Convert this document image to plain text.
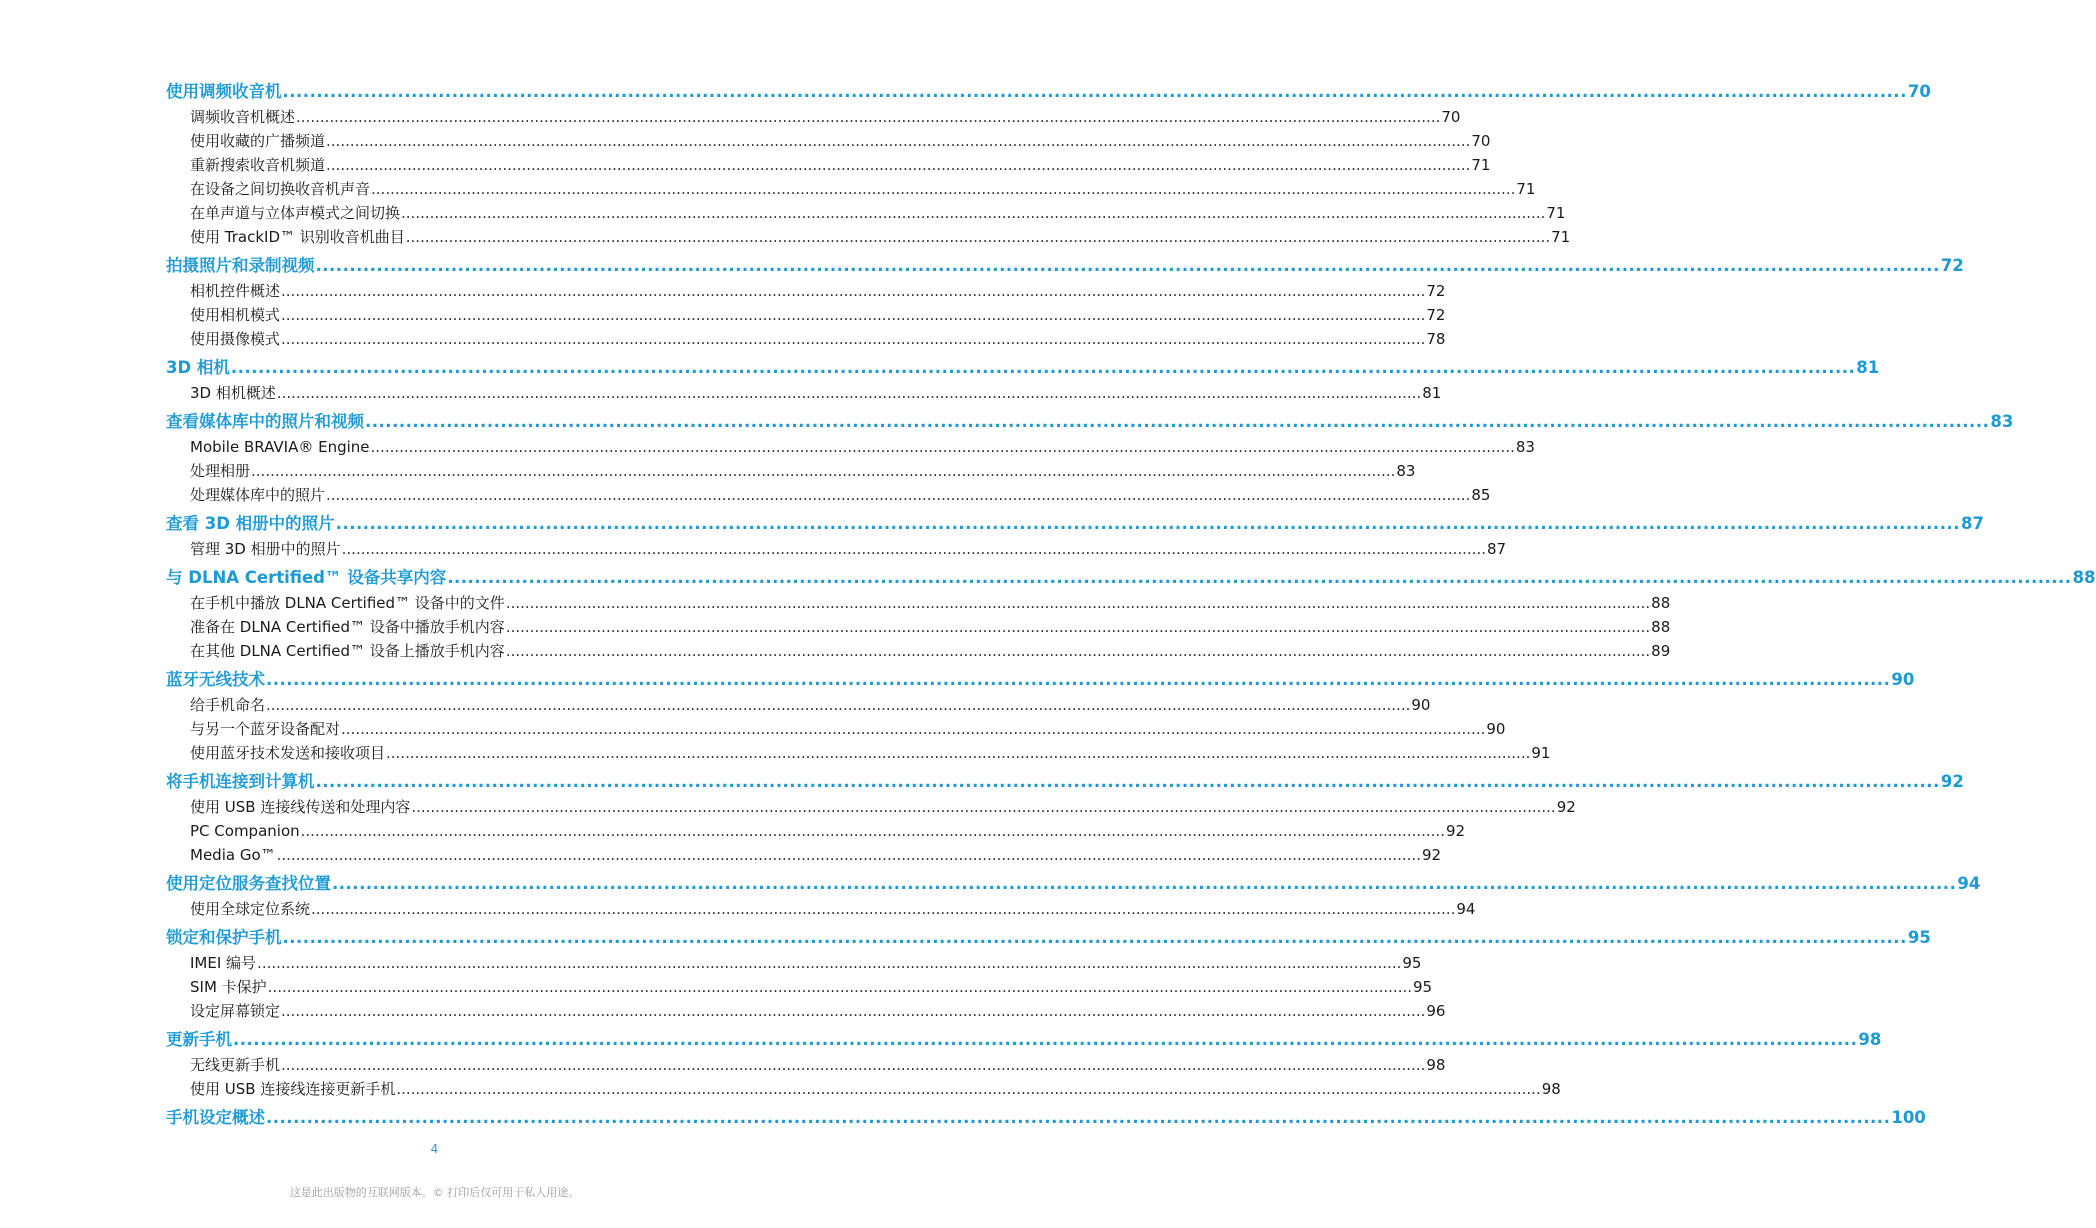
使用调频收音机 ................................................................................................................................................................................................................................................ 70
调频收音机概述 ................................................................................................................................................................................................................................................ 70
使用收藏的广播频道 ................................................................................................................................................................................................................................................ 70
重新搜索收音机频道 ................................................................................................................................................................................................................................................ 71
在设备之间切换收音机声音 ................................................................................................................................................................................................................................................ 71
在单声道与立体声模式之间切换 ................................................................................................................................................................................................................................................ 71
使用 TrackID™ 识别收音机曲目 ................................................................................................................................................................................................................................................ 71
拍摄照片和录制视频 ................................................................................................................................................................................................................................................ 72
相机控件概述 ................................................................................................................................................................................................................................................ 72
使用相机模式 ................................................................................................................................................................................................................................................ 72
使用摄像模式 ................................................................................................................................................................................................................................................ 78
3D 相机 ................................................................................................................................................................................................................................................ 81
3D 相机概述 ................................................................................................................................................................................................................................................ 81
查看媒体库中的照片和视频 ................................................................................................................................................................................................................................................ 83
Mobile BRAVIA® Engine ................................................................................................................................................................................................................................................ 83
处理相册 ................................................................................................................................................................................................................................................ 83
处理媒体库中的照片 ................................................................................................................................................................................................................................................ 85
查看 3D 相册中的照片 ................................................................................................................................................................................................................................................ 87
管理 3D 相册中的照片 ................................................................................................................................................................................................................................................ 87
与 DLNA Certified™ 设备共享内容 ................................................................................................................................................................................................................................................ 88
在手机中播放 DLNA Certified™ 设备中的文件 ................................................................................................................................................................................................................................................ 88
准备在 DLNA Certified™ 设备中播放手机内容 ................................................................................................................................................................................................................................................ 88
在其他 DLNA Certified™ 设备上播放手机内容 ................................................................................................................................................................................................................................................ 89
蓝牙无线技术 ................................................................................................................................................................................................................................................ 90
给手机命名 ................................................................................................................................................................................................................................................ 90
与另一个蓝牙设备配对 ................................................................................................................................................................................................................................................ 90
使用蓝牙技术发送和接收项目 ................................................................................................................................................................................................................................................ 91
将手机连接到计算机 ................................................................................................................................................................................................................................................ 92
使用 USB 连接线传送和处理内容 ................................................................................................................................................................................................................................................ 92
PC Companion ................................................................................................................................................................................................................................................ 92
Media Go™ ................................................................................................................................................................................................................................................ 92
使用定位服务查找位置 ................................................................................................................................................................................................................................................ 94
使用全球定位系统 ................................................................................................................................................................................................................................................ 94
锁定和保护手机 ................................................................................................................................................................................................................................................ 95
IMEI 编号 ................................................................................................................................................................................................................................................ 95
SIM 卡保护 ................................................................................................................................................................................................................................................ 95
设定屏幕锁定 ................................................................................................................................................................................................................................................ 96
更新手机 ................................................................................................................................................................................................................................................ 98
无线更新手机 ................................................................................................................................................................................................................................................ 98
使用 USB 连接线连接更新手机 ................................................................................................................................................................................................................................................ 98
手机设定概述 ................................................................................................................................................................................................................................................ 100
4
这是此出版物的互联网版本。© 打印后仅可用于私人用途。
